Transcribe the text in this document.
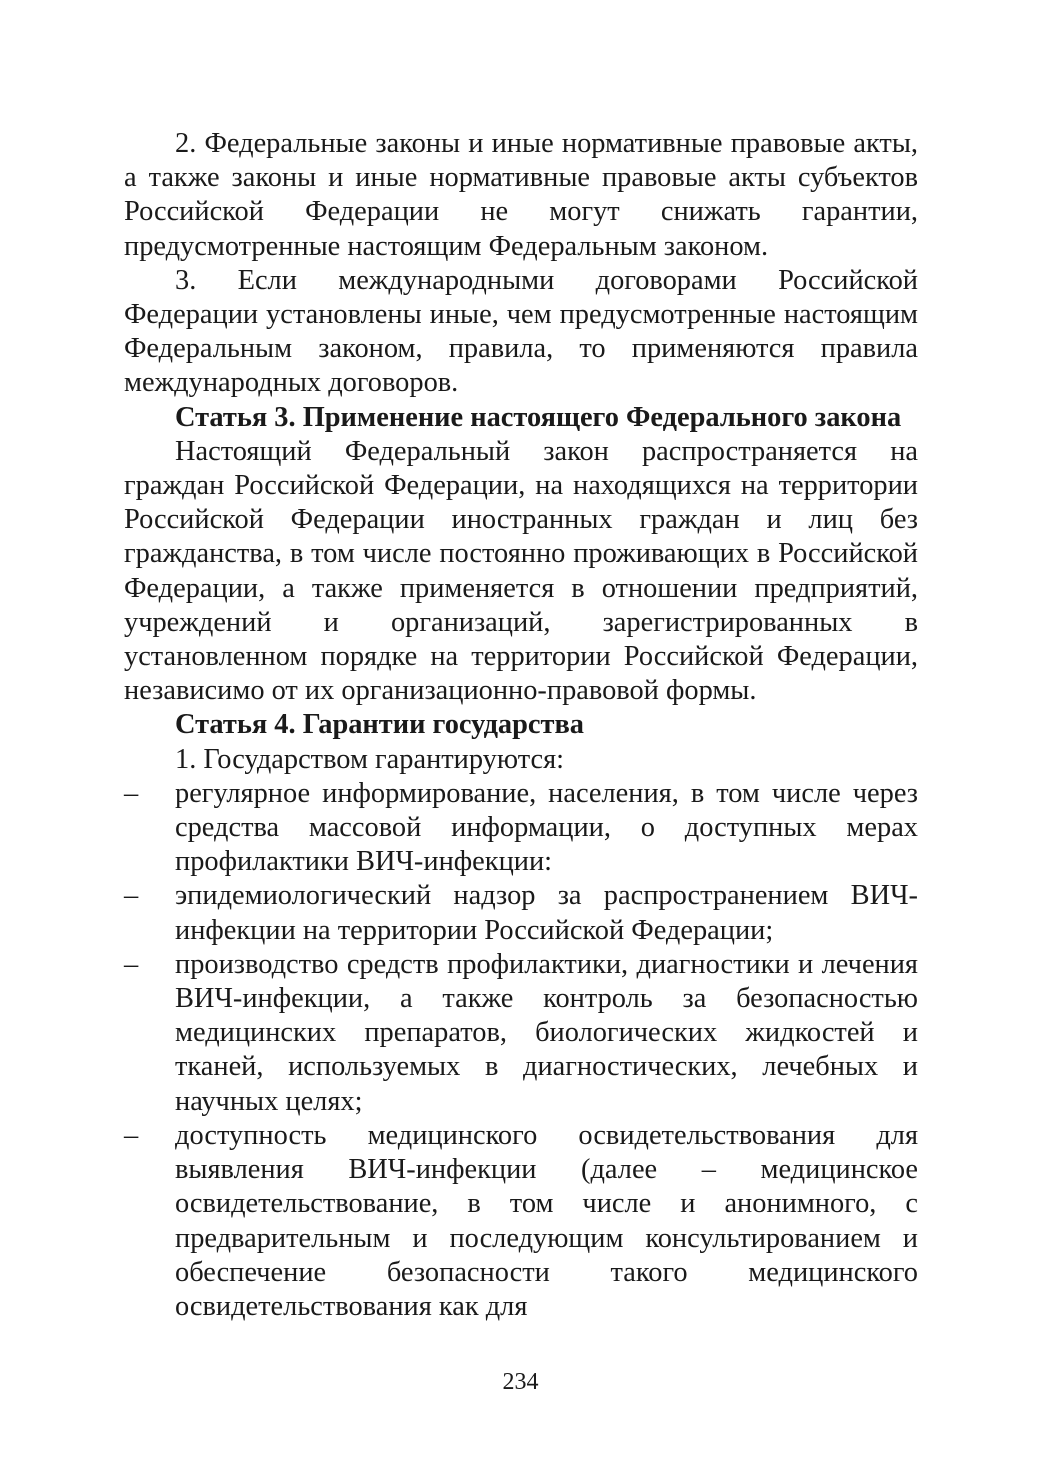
2. Федеральные законы и иные нормативные правовые акты, а также законы и иные нормативные правовые акты субъектов Российской Федерации не могут снижать гарантии, предусмотренные настоящим Федеральным законом.

3. Если международными договорами Российской Федерации установлены иные, чем предусмотренные настоящим Федеральным законом, правила, то применяются правила международных договоров.

Статья 3. Применение настоящего Федерального закона

Настоящий Федеральный закон распространяется на граждан Российской Федерации, на находящихся на территории Российской Федерации иностранных граждан и лиц без гражданства, в том числе постоянно проживающих в Российской Федерации, а также применяется в отношении предприятий, учреждений и организаций, зарегистрированных в установленном порядке на территории Российской Федерации, независимо от их организационно-правовой формы.

Статья 4. Гарантии государства

1. Государством гарантируются:

– регулярное информирование, населения, в том числе через средства массовой информации, о доступных мерах профилактики ВИЧ-инфекции:
– эпидемиологический надзор за распространением ВИЧ-инфекции на территории Российской Федерации;
– производство средств профилактики, диагностики и лечения ВИЧ-инфекции, а также контроль за безопасностью медицинских препаратов, биологических жидкостей и тканей, используемых в диагностических, лечебных и научных целях;
– доступность медицинского освидетельствования для выявления ВИЧ-инфекции (далее – медицинское освидетельствование, в том числе и анонимного, с предварительным и последующим консультированием и обеспечение безопасности такого медицинского освидетельствования как для
234
